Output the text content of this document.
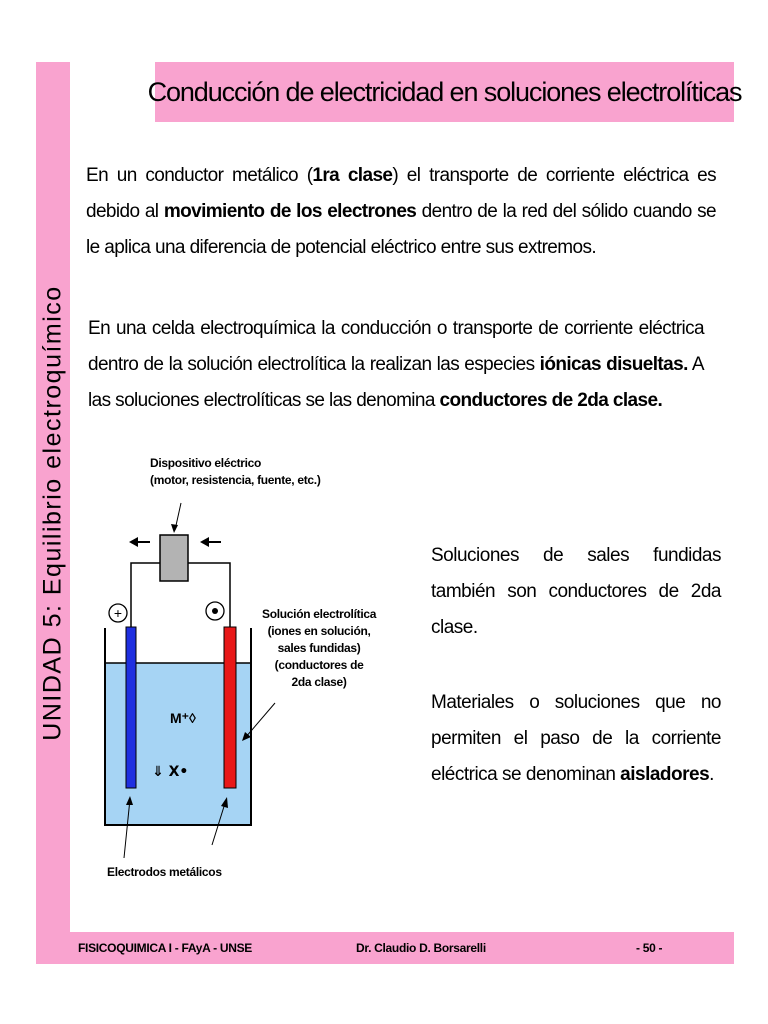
UNIDAD 5: Equilibrio electroquímico
Conducción de electricidad en soluciones electrolíticas
En un conductor metálico (1ra clase) el transporte de corriente eléctrica es debido al movimiento de los electrones dentro de la red del sólido cuando se le aplica una diferencia de potencial eléctrico entre sus extremos.
En una celda electroquímica la conducción o transporte de corriente eléctrica dentro de la solución electrolítica la realizan las especies iónicas disueltas. A las soluciones electrolíticas se las denomina conductores de 2da clase.
+
M⁺◊
⇓ X•
Dispositivo eléctrico
(motor, resistencia, fuente, etc.)
Solución electrolítica
(iones en solución,
sales fundidas)
(conductores de
2da clase)
Electrodos metálicos
Soluciones de sales fundidas también son conductores de 2da clase.
Materiales o soluciones que no permiten el paso de la corriente eléctrica se denominan aisladores.
FISICOQUIMICA I - FAyA - UNSE	Dr. Claudio D. Borsarelli	- 50 -
